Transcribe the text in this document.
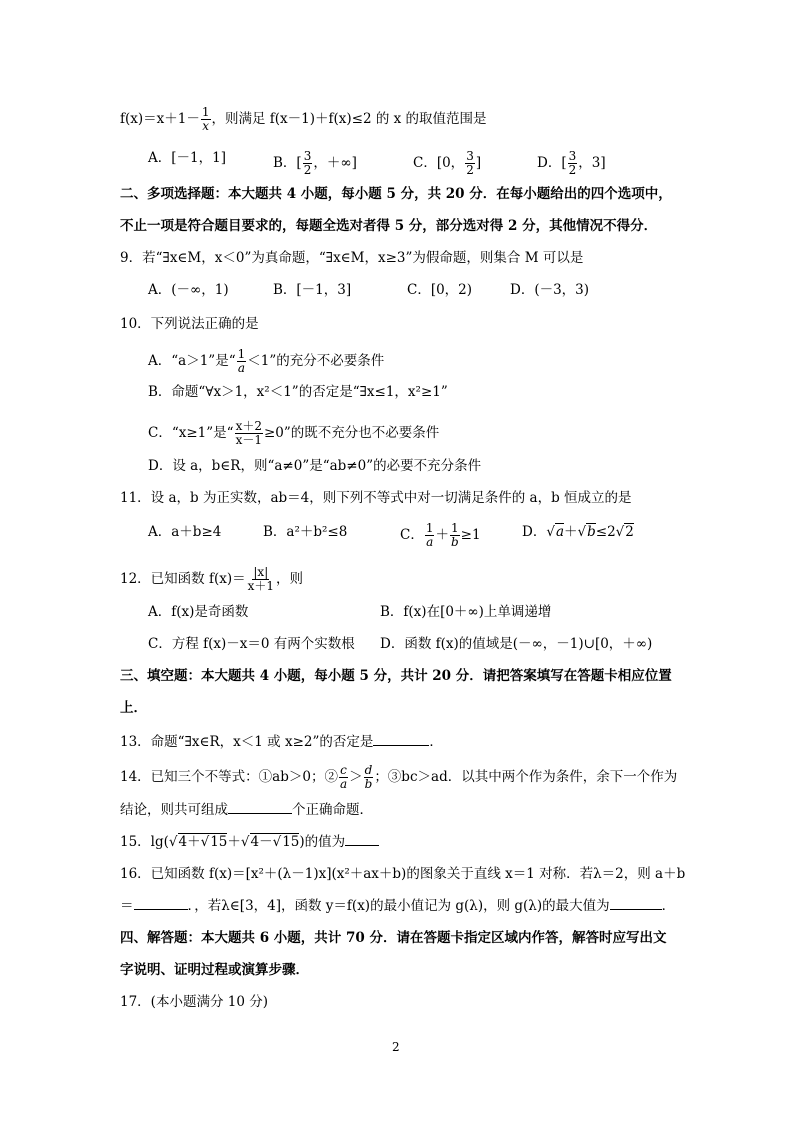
$f(x)=x+1- \frac{1}{x}$ ，则满足 f(x－1)＋f(x)≤2 的 x 的取值范围是
A．[－1，1]	B．[ $\frac{3}{2}$ ，＋∞]	C．[0， $\frac{3}{2}$ ]	D．[ $\frac{3}{2}$ ，3]
二、多项选择题：本大题共 4 小题，每小题 5 分，共 20 分．在每小题给出的四个选项中，
不止一项是符合题目要求的，每题全选对者得 5 分，部分选对得 2 分，其他情况不得分．
9．若“∃x∈M，x＜0”为真命题，“∃x∈M，x≥3”为假命题，则集合 M 可以是
A．(－∞，1)	B．[－1，3]	C．[0，2)	D．(－3，3)
10．下列说法正确的是
A．“a＞1”是“ $\frac{1}{a} <1$”的充分不必要条件
B．命题“∀x＞1，x²＜1”的否定是“∃x≤1，x²≥1”
C．“x≥1”是“ $\frac{x+2}{x-1} \ge 0$”的既不充分也不必要条件
D．设 a，b∈R，则“a≠0”是“ab≠0”的必要不充分条件
11．设 a，b 为正实数，ab＝4，则下列不等式中对一切满足条件的 a，b 恒成立的是
A．a＋b≥4	B．a²＋b²≤8	C． $\frac{1}{a} + \frac{1}{b} \ge 1$	D．√a＋√b≤2√2
12．已知函数 $f(x)= \frac{|x|}{x+1}$ ，则
A．f(x)是奇函数	B．f(x)在[0＋∞)上单调递增
C．方程 f(x)－x＝0 有两个实数根 D．函数 f(x)的值域是(－∞，－1)∪[0，＋∞)
三、填空题：本大题共 4 小题，每小题 5 分，共计 20 分．请把答案填写在答题卡相应位置
上．
13．命题“∃x∈R，x＜1 或 x≥2”的否定是	．
14．已知三个不等式：①ab＞0；② $\frac{c}{a} > \frac{d}{b}$ ；③bc＞ad．以其中两个作为条件，余下一个作为
结论，则共可组成	个正确命题．
15．lg(√4＋√15＋√4－√15)的值为
16．已知函数 f(x)＝[x²＋(λ－1)x](x²＋ax＋b)的图象关于直线 x＝1 对称．若λ＝2，则 a＋b
＝	．，若λ∈[3，4]，函数 y＝f(x)的最小值记为 g(λ)，则 g(λ)的最大值为	．
四、解答题：本大题共 6 小题，共计 70 分．请在答题卡指定区域内作答，解答时应写出文
字说明、证明过程或演算步骤．
17．(本小题满分 10 分)
2
